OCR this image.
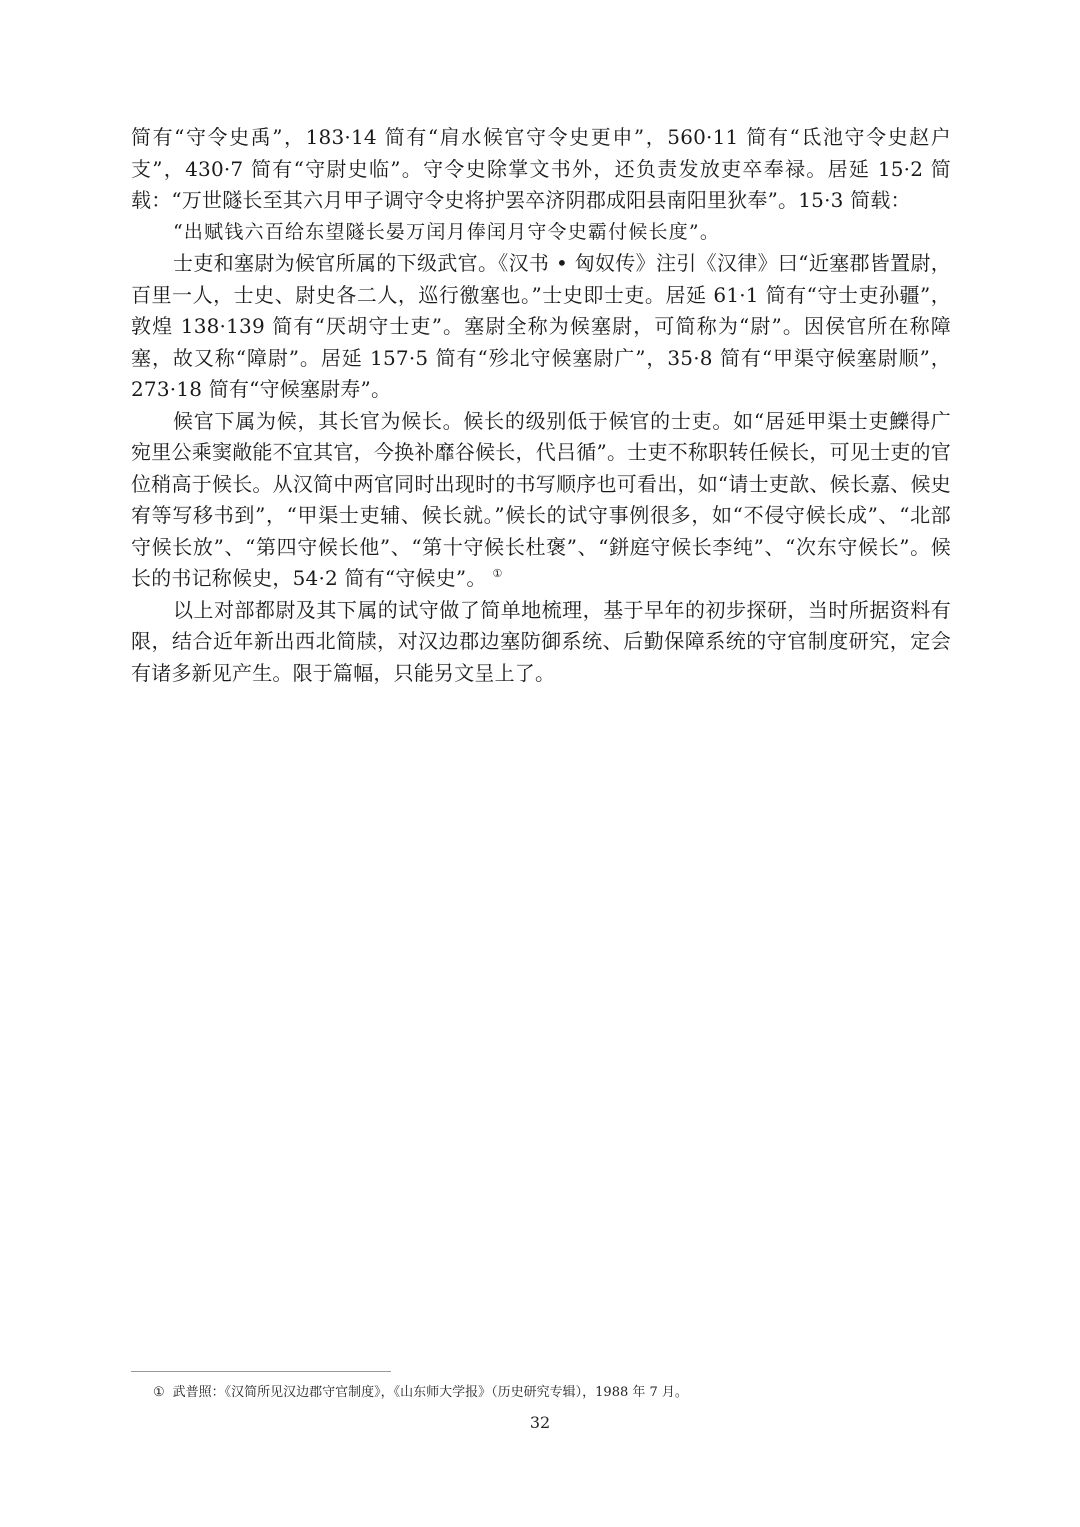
简有“守令史禹”，183·14 简有“肩水候官守令史更申”，560·11 简有“氐池守令史赵户支”，430·7 简有“守尉史临”。守令史除掌文书外，还负责发放吏卒奉禄。居延 15·2 简载：“万世隧长至其六月甲子调守令史将护罢卒济阴郡成阳县南阳里狄奉”。15·3 简载：

“出赋钱六百给东望隧长晏万闰月俸闰月守令史霸付候长度”。

士吏和塞尉为候官所属的下级武官。《汉书 • 匈奴传》注引《汉律》曰“近塞郡皆置尉，百里一人，士史、尉史各二人，巡行徼塞也。”士史即士吏。居延 61·1 简有“守士吏孙疆”，敦煌 138·139 简有“厌胡守士吏”。塞尉全称为候塞尉，可简称为“尉”。因侯官所在称障塞，故又称“障尉”。居延 157·5 简有“殄北守候塞尉广”，35·8 简有“甲渠守候塞尉顺”，273·18 简有“守候塞尉寿”。

候官下属为候，其长官为候长。候长的级别低于候官的士吏。如“居延甲渠士吏鱳得广宛里公乘窦敞能不宜其官，今换补靡谷候长，代吕循”。士吏不称职转任候长，可见士吏的官位稍高于候长。从汉简中两官同时出现时的书写顺序也可看出，如“请士吏歆、候长嘉、候史宥等写移书到”，“甲渠士吏辅、候长就。”候长的试守事例很多，如“不侵守候长成”、“北部守候长放”、“第四守候长他”、“第十守候长杜褒”、“鉼庭守候长李纯”、“次东守候长”。候长的书记称候史，54·2 简有“守候史”。 ①

以上对部都尉及其下属的试守做了简单地梳理，基于早年的初步探研，当时所据资料有限，结合近年新出西北简牍，对汉边郡边塞防御系统、后勤保障系统的守官制度研究，定会有诸多新见产生。限于篇幅，只能另文呈上了。

① 武普照：《汉简所见汉边郡守官制度》，《山东师大学报》（历史研究专辑），1988 年 7 月。
32
